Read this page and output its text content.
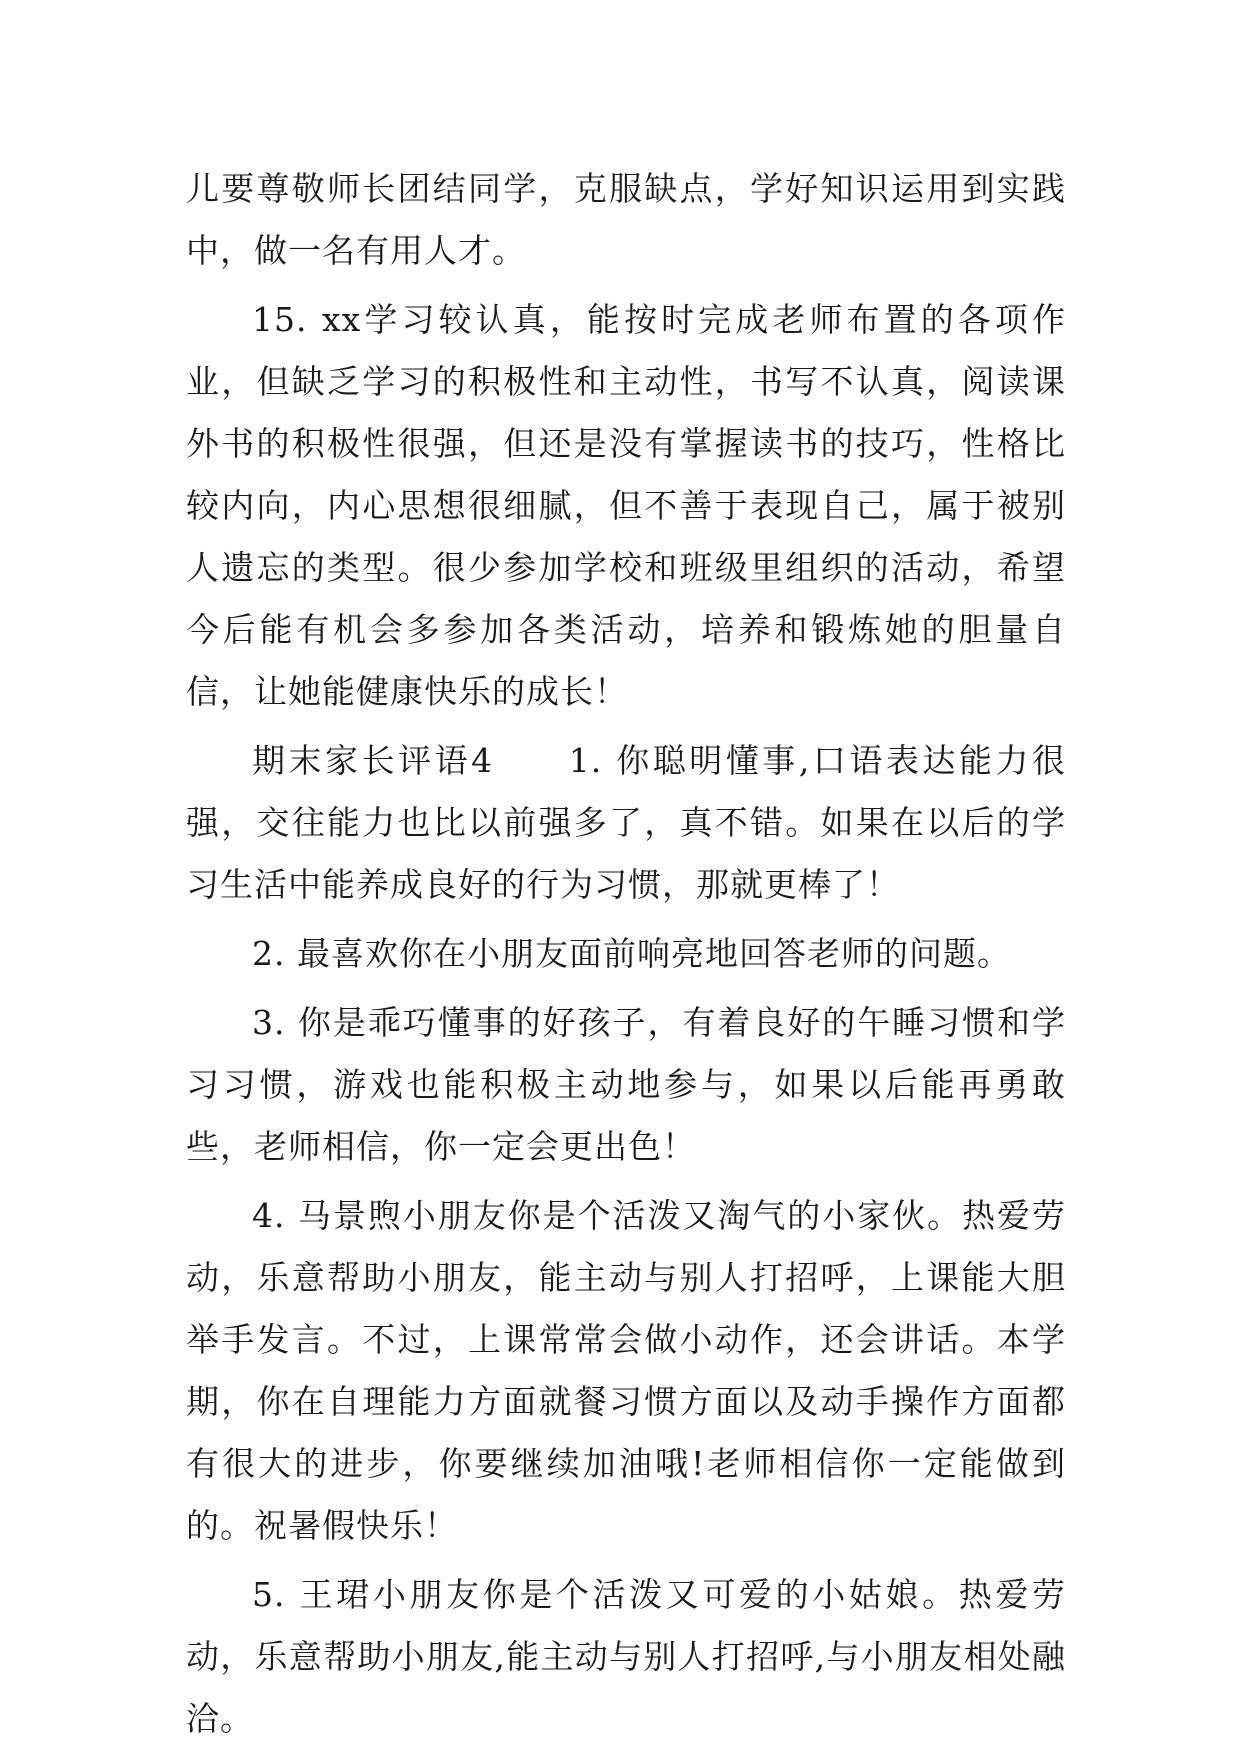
儿要尊敬师长团结同学，克服缺点，学好知识运用到实践中，做一名有用人才。

15. xx学习较认真，能按时完成老师布置的各项作业，但缺乏学习的积极性和主动性，书写不认真，阅读课外书的积极性很强，但还是没有掌握读书的技巧，性格比较内向，内心思想很细腻，但不善于表现自己，属于被别人遗忘的类型。很少参加学校和班级里组织的活动，希望今后能有机会多参加各类活动，培养和锻炼她的胆量自信，让她能健康快乐的成长！

期末家长评语4　　1. 你聪明懂事,口语表达能力很强，交往能力也比以前强多了，真不错。如果在以后的学习生活中能养成良好的行为习惯，那就更棒了！

2. 最喜欢你在小朋友面前响亮地回答老师的问题。

3. 你是乖巧懂事的好孩子，有着良好的午睡习惯和学习习惯，游戏也能积极主动地参与，如果以后能再勇敢些，老师相信，你一定会更出色！

4. 马景煦小朋友你是个活泼又淘气的小家伙。热爱劳动，乐意帮助小朋友，能主动与别人打招呼，上课能大胆举手发言。不过，上课常常会做小动作，还会讲话。本学期，你在自理能力方面就餐习惯方面以及动手操作方面都有很大的进步，你要继续加油哦!老师相信你一定能做到的。祝暑假快乐！

5. 王珺小朋友你是个活泼又可爱的小姑娘。热爱劳动，乐意帮助小朋友,能主动与别人打招呼,与小朋友相处融洽。
